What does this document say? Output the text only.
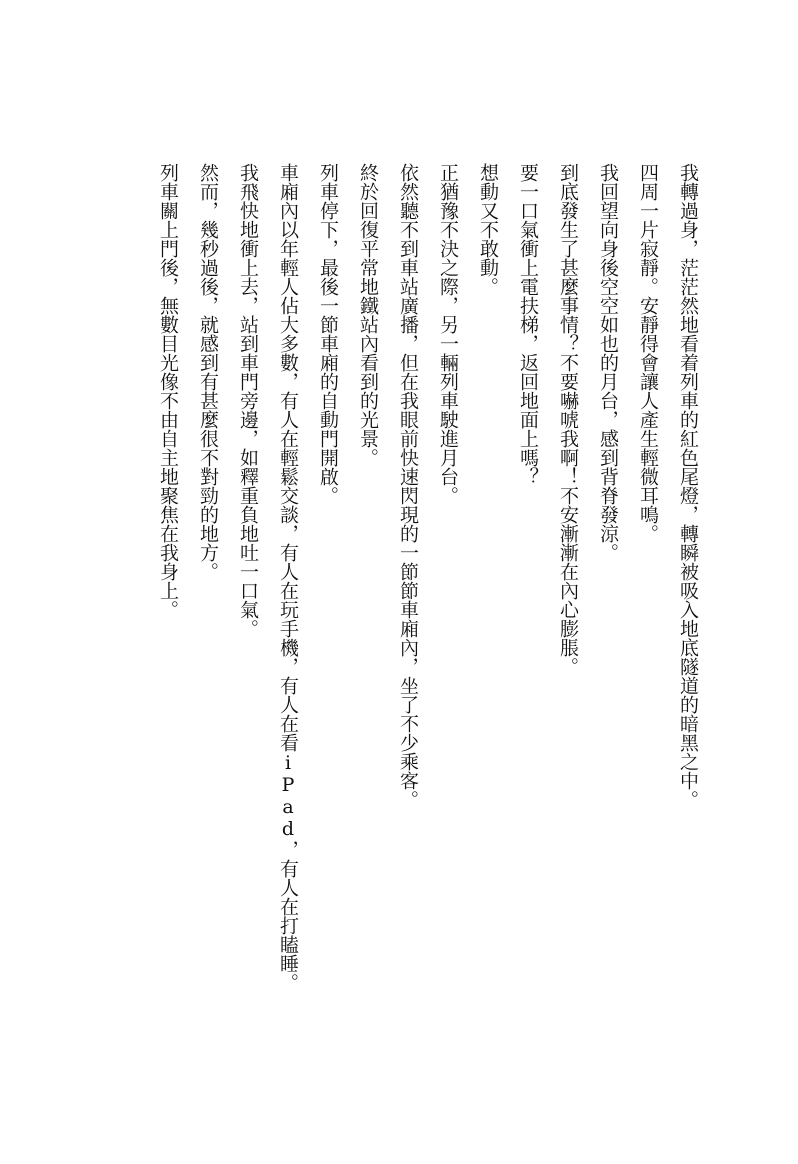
我轉過身，茫茫然地看着列車的紅色尾燈，轉瞬被吸入地底隧道的暗黑之中。

四周一片寂靜。安靜得會讓人產生輕微耳鳴。

我回望向身後空空如也的月台，感到背脊發涼。

到底發生了甚麼事情？不要嚇唬我啊！不安漸漸在內心膨脹。

要一口氣衝上電扶梯，返回地面上嗎？

想動又不敢動。

正猶豫不決之際，另一輛列車駛進月台。

依然聽不到車站廣播，但在我眼前快速閃現的一節節車廂內，坐了不少乘客。

終於回復平常地鐵站內看到的光景。

列車停下，最後一節車廂的自動門開啟。

車廂內以年輕人佔大多數，有人在輕鬆交談，有人在玩手機，有人在看iPad，有人在打瞌睡。

我飛快地衝上去，站到車門旁邊，如釋重負地吐一口氣。

然而，幾秒過後，就感到有甚麼很不對勁的地方。

列車關上門後，無數目光像不由自主地聚焦在我身上。
